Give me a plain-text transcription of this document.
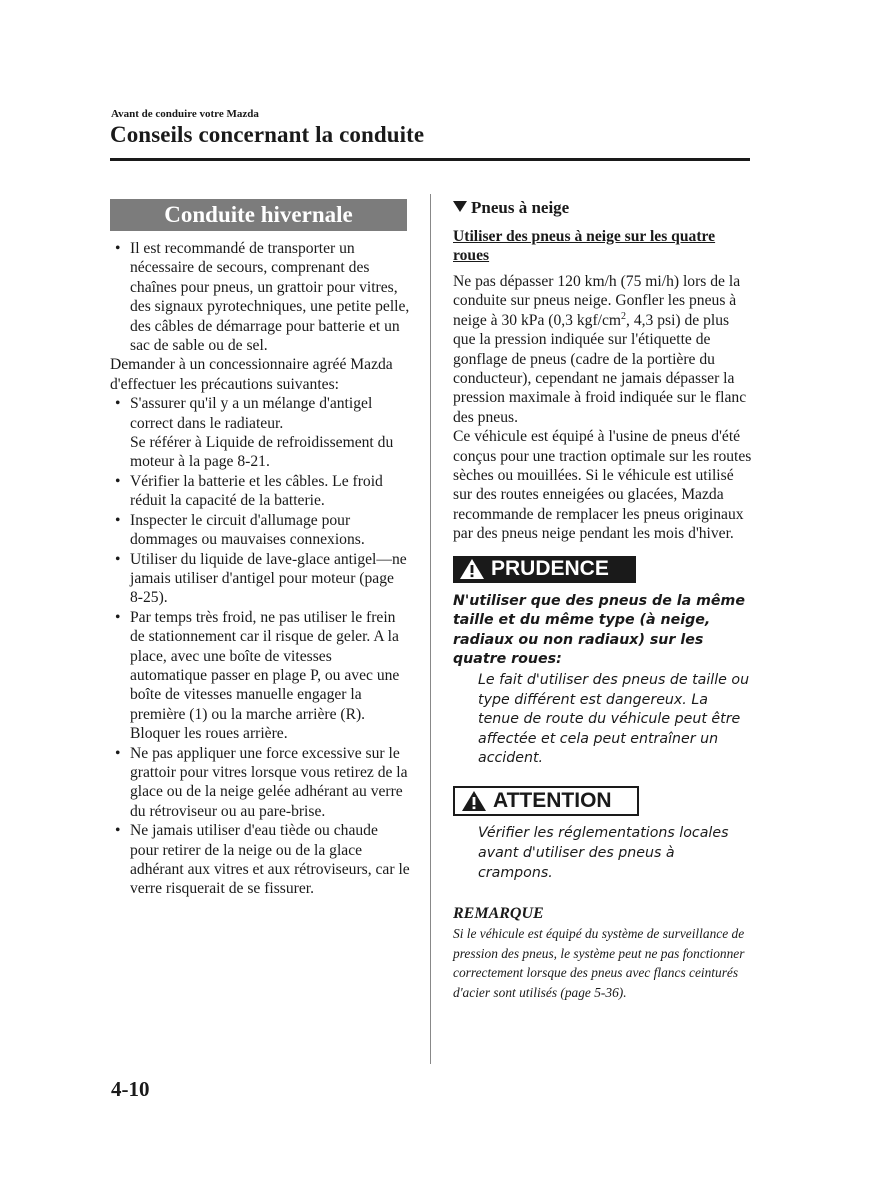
Avant de conduire votre Mazda
Conseils concernant la conduite
Conduite hivernale
• Il est recommandé de transporter un nécessaire de secours, comprenant des chaînes pour pneus, un grattoir pour vitres, des signaux pyrotechniques, une petite pelle, des câbles de démarrage pour batterie et un sac de sable ou de sel.

Demander à un concessionnaire agréé Mazda d'effectuer les précautions suivantes:

• S'assurer qu'il y a un mélange d'antigel correct dans le radiateur.
Se référer à Liquide de refroidissement du moteur à la page 8-21.
• Vérifier la batterie et les câbles. Le froid réduit la capacité de la batterie.
• Inspecter le circuit d'allumage pour dommages ou mauvaises connexions.
• Utiliser du liquide de lave-glace antigel—ne jamais utiliser d'antigel pour moteur (page 8-25).
• Par temps très froid, ne pas utiliser le frein de stationnement car il risque de geler. A la place, avec une boîte de vitesses automatique passer en plage P, ou avec une boîte de vitesses manuelle engager la première (1) ou la marche arrière (R). Bloquer les roues arrière.
• Ne pas appliquer une force excessive sur le grattoir pour vitres lorsque vous retirez de la glace ou de la neige gelée adhérant au verre du rétroviseur ou au pare-brise.
• Ne jamais utiliser d'eau tiède ou chaude pour retirer de la neige ou de la glace adhérant aux vitres et aux rétroviseurs, car le verre risquerait de se fissurer.
Pneus à neige
Utiliser des pneus à neige sur les quatre roues

Ne pas dépasser 120 km/h (75 mi/h) lors de la conduite sur pneus neige. Gonfler les pneus à neige à 30 kPa (0,3 kgf/$cm^2$, 4,3 psi) de plus que la pression indiquée sur l'étiquette de gonflage de pneus (cadre de la portière du conducteur), cependant ne jamais dépasser la pression maximale à froid indiquée sur le flanc des pneus.

Ce véhicule est équipé à l'usine de pneus d'été conçus pour une traction optimale sur les routes sèches ou mouillées. Si le véhicule est utilisé sur des routes enneigées ou glacées, Mazda recommande de remplacer les pneus originaux par des pneus neige pendant les mois d'hiver.

PRUDENCE
N'utiliser que des pneus de la même taille et du même type (à neige, radiaux ou non radiaux) sur les quatre roues:
Le fait d'utiliser des pneus de taille ou type différent est dangereux. La tenue de route du véhicule peut être affectée et cela peut entraîner un accident.
ATTENTION
Vérifier les réglementations locales avant d'utiliser des pneus à crampons.
REMARQUE
Si le véhicule est équipé du système de surveillance de pression des pneus, le système peut ne pas fonctionner correctement lorsque des pneus avec flancs ceinturés d'acier sont utilisés (page 5-36).
4-10
